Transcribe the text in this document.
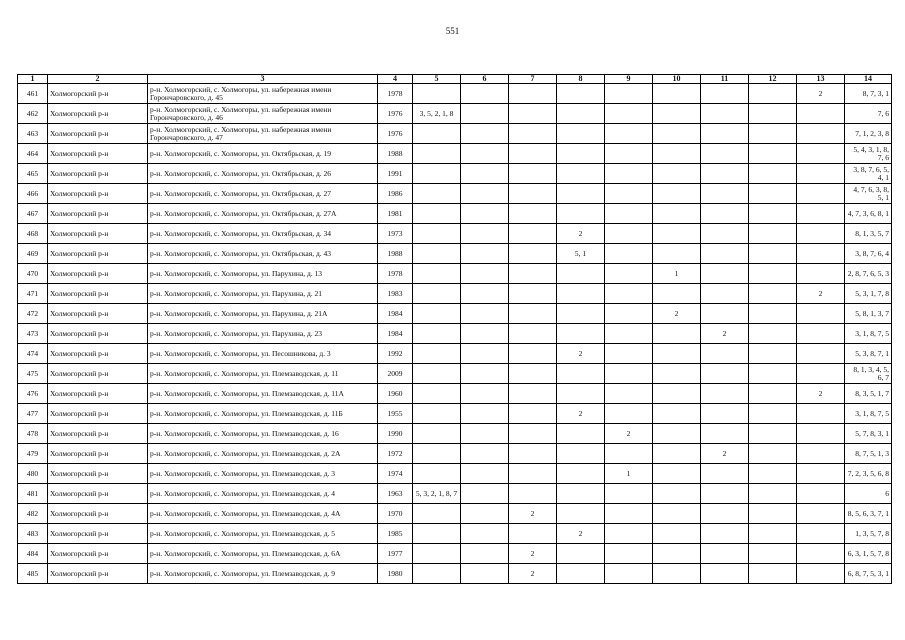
551
1	2	3	4	5	6	7	8	9	10	11	12	13	14
461	Холмогорский р-н	р-н. Холмогорский, с. Холмогоры, ул. набережная имени Горончаровского, д. 45	1978									2	8, 7, 3, 1
462	Холмогорский р-н	р-н. Холмогорский, с. Холмогоры, ул. набережная имени Горончаровского, д. 46	1976	3, 5, 2, 1, 8									7, 6
463	Холмогорский р-н	р-н. Холмогорский, с. Холмогоры, ул. набережная имени Горончаровского, д. 47	1976										7, 1, 2, 3, 8
464	Холмогорский р-н	р-н. Холмогорский, с. Холмогоры, ул. Октябрьская, д. 19	1988										5, 4, 3, 1, 8, 7, 6
465	Холмогорский р-н	р-н. Холмогорский, с. Холмогоры, ул. Октябрьская, д. 26	1991										3, 8, 7, 6, 5, 4, 1
466	Холмогорский р-н	р-н. Холмогорский, с. Холмогоры, ул. Октябрьская, д. 27	1986										4, 7, 6, 3, 8, 5, 1
467	Холмогорский р-н	р-н. Холмогорский, с. Холмогоры, ул. Октябрьская, д. 27А	1981										4, 7, 3, 6, 8, 1
468	Холмогорский р-н	р-н. Холмогорский, с. Холмогоры, ул. Октябрьская, д. 34	1973				2						8, 1, 3, 5, 7
469	Холмогорский р-н	р-н. Холмогорский, с. Холмогоры, ул. Октябрьская, д. 43	1988				5, 1						3, 8, 7, 6, 4
470	Холмогорский р-н	р-н. Холмогорский, с. Холмогоры, ул. Парухина, д. 13	1978						1				2, 8, 7, 6, 5, 3
471	Холмогорский р-н	р-н. Холмогорский, с. Холмогоры, ул. Парухина, д. 21	1983									2	5, 3, 1, 7, 8
472	Холмогорский р-н	р-н. Холмогорский, с. Холмогоры, ул. Парухина, д. 21А	1984						2				5, 8, 1, 3, 7
473	Холмогорский р-н	р-н. Холмогорский, с. Холмогоры, ул. Парухина, д. 23	1984							2			3, 1, 8, 7, 5
474	Холмогорский р-н	р-н. Холмогорский, с. Холмогоры, ул. Песошникова, д. 3	1992				2						5, 3, 8, 7, 1
475	Холмогорский р-н	р-н. Холмогорский, с. Холмогоры, ул. Племзаводская, д. 11	2009										8, 1, 3, 4, 5, 6, 7
476	Холмогорский р-н	р-н. Холмогорский, с. Холмогоры, ул. Племзаводская, д. 11А	1960									2	8, 3, 5, 1, 7
477	Холмогорский р-н	р-н. Холмогорский, с. Холмогоры, ул. Племзаводская, д. 11Б	1955				2						3, 1, 8, 7, 5
478	Холмогорский р-н	р-н. Холмогорский, с. Холмогоры, ул. Племзаводская, д. 16	1990					2					5, 7, 8, 3, 1
479	Холмогорский р-н	р-н. Холмогорский, с. Холмогоры, ул. Племзаводская, д. 2А	1972							2			8, 7, 5, 1, 3
480	Холмогорский р-н	р-н. Холмогорский, с. Холмогоры, ул. Племзаводская, д. 3	1974					1					7, 2, 3, 5, 6, 8
481	Холмогорский р-н	р-н. Холмогорский, с. Холмогоры, ул. Племзаводская, д. 4	1963	5, 3, 2, 1, 8, 7									6
482	Холмогорский р-н	р-н. Холмогорский, с. Холмогоры, ул. Племзаводская, д. 4А	1970			2							8, 5, 6, 3, 7, 1
483	Холмогорский р-н	р-н. Холмогорский, с. Холмогоры, ул. Племзаводская, д. 5	1985				2						1, 3, 5, 7, 8
484	Холмогорский р-н	р-н. Холмогорский, с. Холмогоры, ул. Племзаводская, д. 6А	1977			2							6, 3, 1, 5, 7, 8
485	Холмогорский р-н	р-н. Холмогорский, с. Холмогоры, ул. Племзаводская, д. 9	1980			2							6, 8, 7, 5, 3, 1
